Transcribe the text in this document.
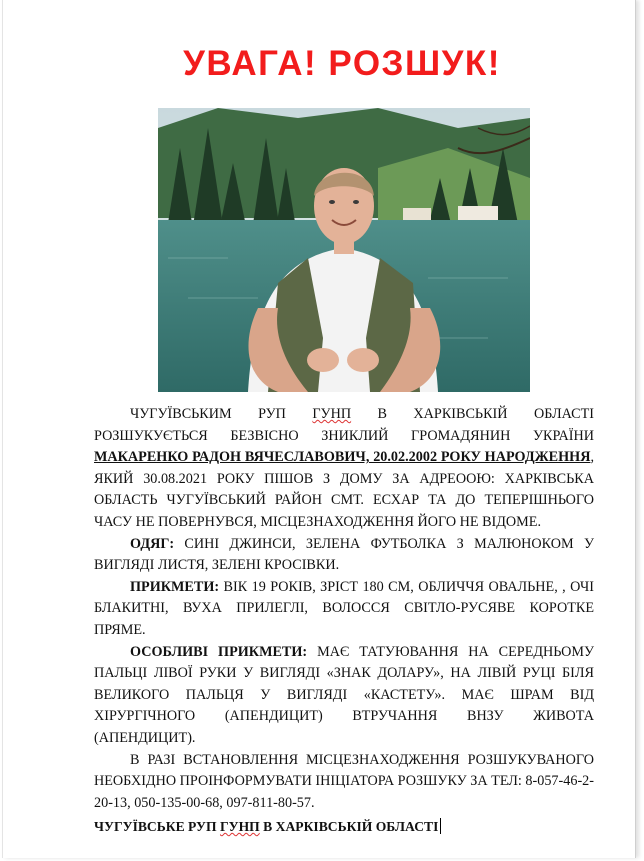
УВАГА! РОЗШУК!

ЧУГУЇВСЬКИМ РУП ГУНП В ХАРКІВСЬКІЙ ОБЛАСТІ РОЗШУКУЄТЬСЯ БЕЗВІСНО ЗНИКЛИЙ ГРОМАДЯНИН УКРАЇНИ МАКАРЕНКО РАДОН ВЯЧЕСЛАВОВИЧ, 20.02.2002 РОКУ НАРОДЖЕННЯ, ЯКИЙ 30.08.2021 РОКУ ПІШОВ З ДОМУ ЗА АДРЕООЮ: ХАРКІВСЬКА ОБЛАСТЬ ЧУГУЇВСЬКИЙ РАЙОН СМТ. ЕСХАР ТА ДО ТЕПЕРІШНЬОГО ЧАСУ НЕ ПОВЕРНУВСЯ, МІСЦЕЗНАХОДЖЕННЯ ЙОГО НЕ ВІДОМЕ.

ОДЯГ: СИНІ ДЖИНСИ, ЗЕЛЕНА ФУТБОЛКА З МАЛЮНОКОМ У ВИГЛЯДІ ЛИСТЯ, ЗЕЛЕНІ КРОСІВКИ.

ПРИКМЕТИ: ВІК 19 РОКІВ, ЗРІСТ 180 СМ, ОБЛИЧЧЯ ОВАЛЬНЕ, , ОЧІ БЛАКИТНІ, ВУХА ПРИЛЕГЛІ, ВОЛОССЯ СВІТЛО-РУСЯВЕ КОРОТКЕ ПРЯМЕ.

ОСОБЛИВІ ПРИКМЕТИ: МАЄ ТАТУЮВАННЯ НА СЕРЕДНЬОМУ ПАЛЬЦІ ЛІВОЇ РУКИ У ВИГЛЯДІ «ЗНАК ДОЛАРУ», НА ЛІВІЙ РУЦІ БІЛЯ ВЕЛИКОГО ПАЛЬЦЯ У ВИГЛЯДІ «КАСТЕТУ». МАЄ ШРАМ ВІД ХІРУРГІЧНОГО (АПЕНДИЦИТ) ВТРУЧАННЯ ВНЗУ ЖИВОТА (АПЕНДИЦИТ).

В РАЗІ ВСТАНОВЛЕННЯ МІСЦЕЗНАХОДЖЕННЯ РОЗШУКУВАНОГО НЕОБХІДНО ПРОІНФОРМУВАТИ ІНІЦІАТОРА РОЗШУКУ ЗА ТЕЛ: 8-057-46-2-20-13, 050-135-00-68, 097-811-80-57.

ЧУГУЇВСЬКЕ РУП ГУНП В ХАРКІВСЬКІЙ ОБЛАСТІ
